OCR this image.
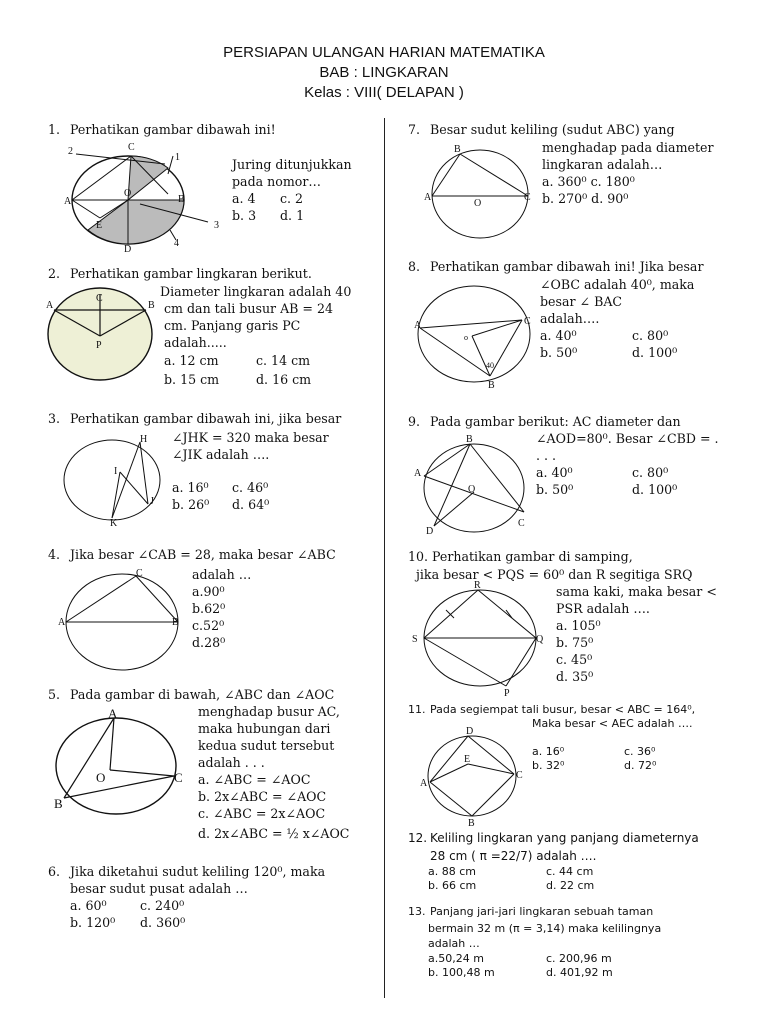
PERSIAPAN ULANGAN HARIAN MATEMATIKA
BAB : LINGKARAN
Kelas : VIII( DELAPAN )
1. Perhatikan gambar dibawah ini!
2	C
1
A
O
B
E
D
4
3
Juring ditunjukkan
pada nomor…
a. 4 c. 2
b. 3 d. 1
2. Perhatikan gambar lingkaran berikut.
A
C
B
P
Diameter lingkaran adalah 40
cm dan tali busur AB = 24
cm. Panjang garis PC
adalah.....
a. 12 cm	c. 14 cm
b. 15 cm	d. 16 cm
3. Perhatikan gambar dibawah ini, jika besar
H
I
J
K
∠JHK = 320 maka besar
∠JIK adalah ….
a. 16⁰ c. 46⁰
b. 26⁰ d. 64⁰
4. Jika besar ∠CAB = 28, maka besar ∠ABC
A	B
C	adalah …
a.90⁰
b.62⁰
c.52⁰
d.28⁰
5. Pada gambar di bawah, ∠ABC dan ∠AOC
A
O	C
B
menghadap busur AC,
maka hubungan dari
kedua sudut tersebut
adalah . . .
a. ∠ABC = ∠AOC
b. 2x∠ABC = ∠AOC
c. ∠ABC = 2x∠AOC
d. 2x∠ABC = ½ x∠AOC
6. Jika diketahui sudut keliling 120⁰, maka
besar sudut pusat adalah …
a. 60⁰	c. 240⁰
b. 120⁰ d. 360⁰
7. Besar sudut keliling (sudut ABC) yang
B
A
O
C
menghadap pada diameter
lingkaran adalah…
a. 360⁰ c. 180⁰
b. 270⁰ d. 90⁰
8. Perhatikan gambar dibawah ini! Jika besar
A	C
o
B
40
∠OBC adalah 40⁰, maka
besar ∠ BAC
adalah….
a. 40⁰	c. 80⁰
b. 50⁰	d. 100⁰
9. Pada gambar berikut: AC diameter dan
B
A
O
D
C
∠AOD=80⁰. Besar ∠CBD = .
. . .
a. 40⁰	c. 80⁰
b. 50⁰	d. 100⁰
10. Perhatikan gambar di samping,
jika besar < PQS = 60⁰ dan R segitiga SRQ
R
S	Q
P
sama kaki, maka besar <
PSR adalah ….
a. 105⁰
b. 75⁰
c. 45⁰
d. 35⁰
11. Pada segiempat tali busur, besar < ABC = 164⁰,
Maka besar < AEC adalah ….
D
A
E
C
B
a. 16⁰	c. 36⁰
b. 32⁰	d. 72⁰
12. Keliling lingkaran yang panjang diameternya
28 cm ( π =22/7) adalah ….
a. 88 cm	c. 44 cm
b. 66 cm	d. 22 cm
13. Panjang jari-jari lingkaran sebuah taman
bermain 32 m (π = 3,14) maka kelilingnya
adalah …
a.50,24 m	c. 200,96 m
b. 100,48 m	d. 401,92 m
